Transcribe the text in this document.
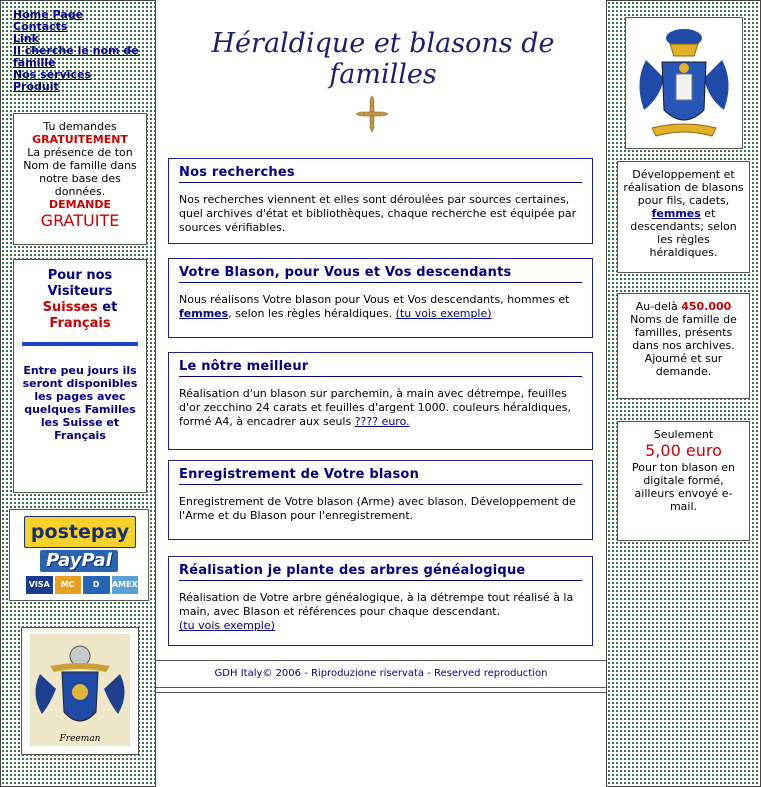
Home Page
Contacts
Link
Il cherche le nom de famille
Nos services
Produit
Tu demandes
GRATUITEMENT
La présence de ton Nom de famille dans notre base des données.
DEMANDE
GRATUITE
Pour nos Visiteurs
Suisses et
Français
Entre peu jours ils seront disponibles les pages avec quelques Familles les Suisse et Français
postepay
PayPal
VISA	MC	D	AMEX
Freeman
Héraldique et blasons de familles
Nos recherches

Nos recherches viennent et elles sont déroulées par sources certaines, quel archives d'état et bibliothèques, chaque recherche est équipée par sources vérifiables.

Votre Blason, pour Vous et Vos descendants

Nous réalisons Votre blason pour Vous et Vos descendants, hommes et femmes, selon les règles héraldiques. (tu vois exemple)

Le nôtre meilleur

Réalisation d'un blason sur parchemin, à main avec détrempe, feuilles d'or zecchino 24 carats et feuilles d'argent 1000. couleurs héraldiques, formé A4, à encadrer aux seuls ???? euro.

Enregistrement de Votre blason

Enregistrement de Votre blason (Arme) avec blason. Développement de l'Arme et du Blason pour l'enregistrement.

Réalisation je plante des arbres généalogique

Réalisation de Votre arbre généalogique, à la détrempe tout réalisé à la main, avec Blason et références pour chaque descendant.
(tu vois exemple)

GDH Italy© 2006 - Riproduzione riservata - Reserved reproduction
Développement et réalisation de blasons pour fils, cadets, femmes et descendants; selon les règles héraldiques.
Au-delà 450.000
Noms de famille de familles, présents dans nos archives. Ajourné et sur demande.
Seulement
5,00 euro
Pour ton blason en digitale formé, ailleurs envoyé e-mail.
